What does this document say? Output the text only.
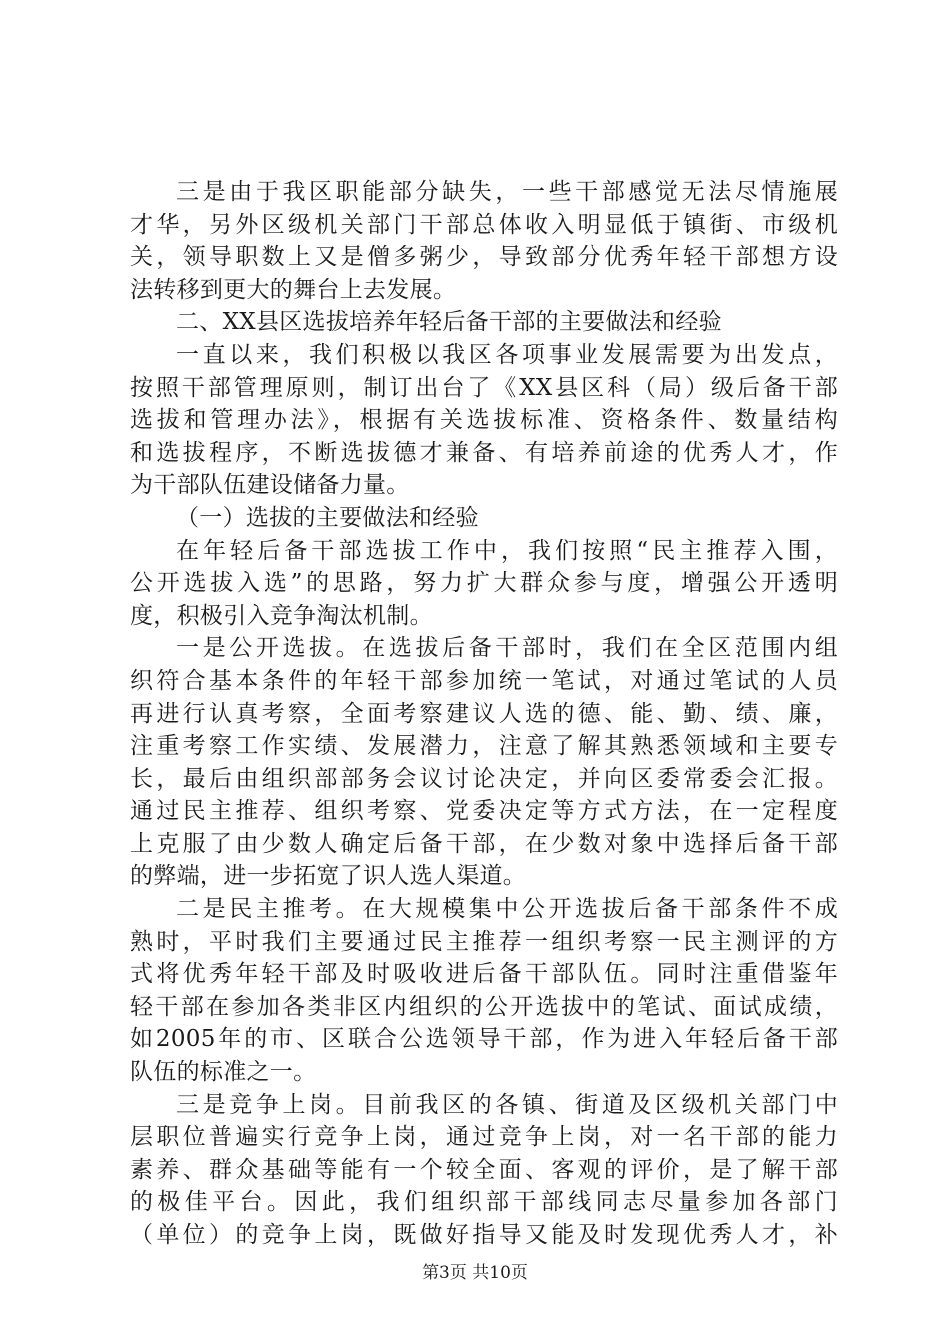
三是由于我区职能部分缺失，一些干部感觉无法尽情施展
才华，另外区级机关部门干部总体收入明显低于镇街、市级机
关，领导职数上又是僧多粥少，导致部分优秀年轻干部想方设
法转移到更大的舞台上去发展。
二、XX县区选拔培养年轻后备干部的主要做法和经验
一直以来，我们积极以我区各项事业发展需要为出发点，
按照干部管理原则，制订出台了《XX县区科（局）级后备干部
选拔和管理办法》，根据有关选拔标准、资格条件、数量结构
和选拔程序，不断选拔德才兼备、有培养前途的优秀人才，作
为干部队伍建设储备力量。
（一）选拔的主要做法和经验
在年轻后备干部选拔工作中，我们按照“民主推荐入围，
公开选拔入选”的思路，努力扩大群众参与度，增强公开透明
度，积极引入竞争淘汰机制。
一是公开选拔。在选拔后备干部时，我们在全区范围内组
织符合基本条件的年轻干部参加统一笔试，对通过笔试的人员
再进行认真考察，全面考察建议人选的德、能、勤、绩、廉，
注重考察工作实绩、发展潜力，注意了解其熟悉领域和主要专
长，最后由组织部部务会议讨论决定，并向区委常委会汇报。
通过民主推荐、组织考察、党委决定等方式方法，在一定程度
上克服了由少数人确定后备干部，在少数对象中选择后备干部
的弊端，进一步拓宽了识人选人渠道。
二是民主推考。在大规模集中公开选拔后备干部条件不成
熟时，平时我们主要通过民主推荐一组织考察一民主测评的方
式将优秀年轻干部及时吸收进后备干部队伍。同时注重借鉴年
轻干部在参加各类非区内组织的公开选拔中的笔试、面试成绩，
如2005年的市、区联合公选领导干部，作为进入年轻后备干部
队伍的标准之一。
三是竞争上岗。目前我区的各镇、街道及区级机关部门中
层职位普遍实行竞争上岗，通过竞争上岗，对一名干部的能力
素养、群众基础等能有一个较全面、客观的评价，是了解干部
的极佳平台。因此，我们组织部干部线同志尽量参加各部门
（单位）的竞争上岗，既做好指导又能及时发现优秀人才，补
第3页 共10页
